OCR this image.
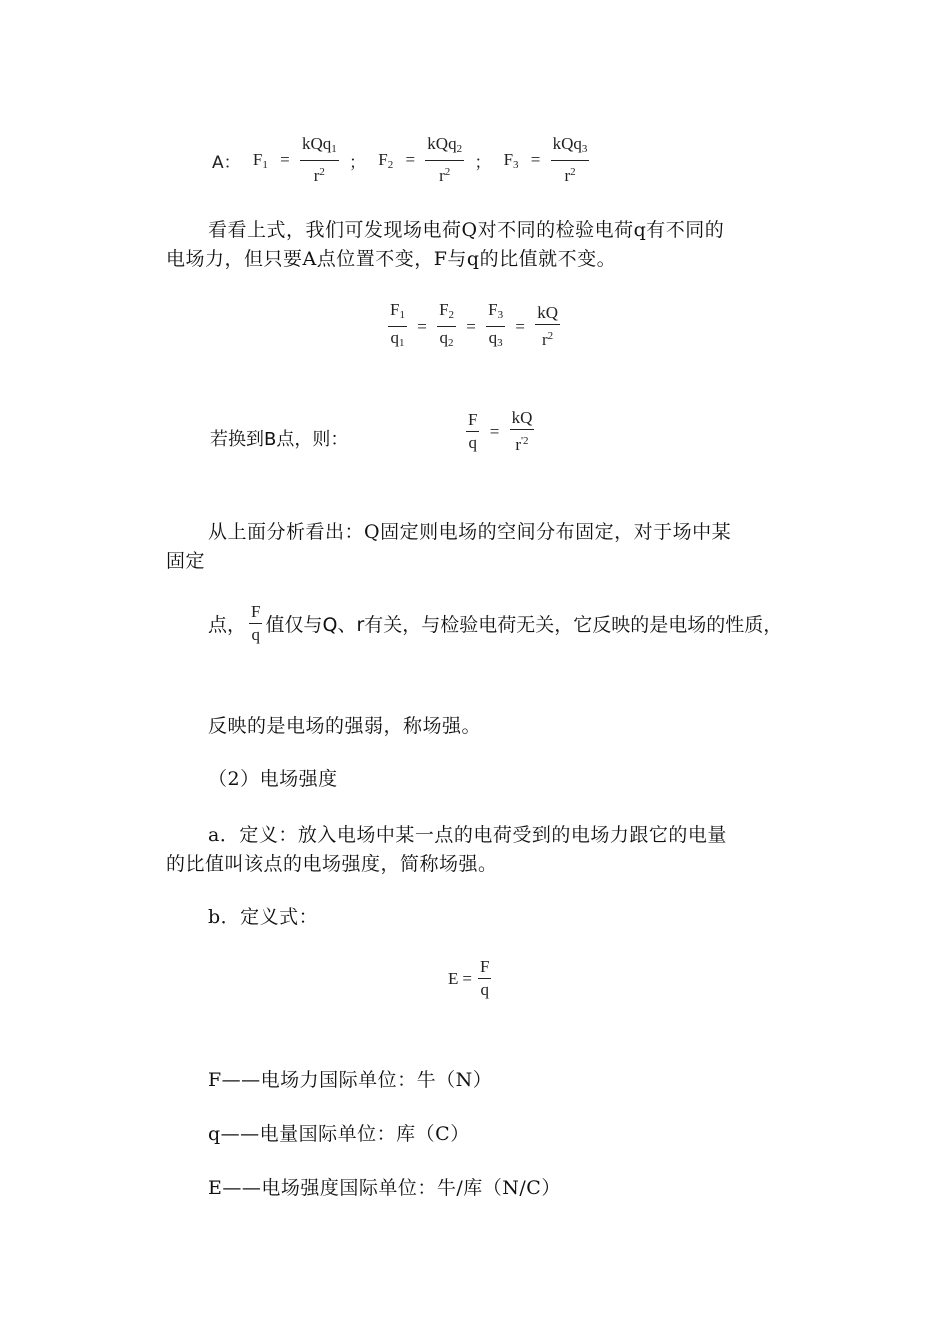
A： $F_1 = \frac{kQq_1}{r^2}$ ； $F_2 = \frac{kQq_2}{r^2}$ ； $F_3 = \frac{kQq_3}{r^2}$
看看上式，我们可发现场电荷Q对不同的检验电荷q有不同的
电场力，但只要A点位置不变，F与q的比值就不变。
$\frac{F_1}{q_1} = \frac{F_2}{q_2} = \frac{F_3}{q_3} = \frac{kQ}{r^2}$
若换到B点，则：	$\frac{F}{q} = \frac{kQ}{r^{'2}}$
从上面分析看出：Q固定则电场的空间分布固定，对于场中某
固定
点， $\frac{F}{q}$ 值仅与Q、r有关，与检验电荷无关，它反映的是电场的性质，
反映的是电场的强弱，称场强。
（2）电场强度
a．定义：放入电场中某一点的电荷受到的电场力跟它的电量
的比值叫该点的电场强度，简称场强。
b．定义式：
$E = \frac{F}{q}$
F——电场力国际单位：牛（N）
q——电量国际单位：库（C）
E——电场强度国际单位：牛/库（N/C）
